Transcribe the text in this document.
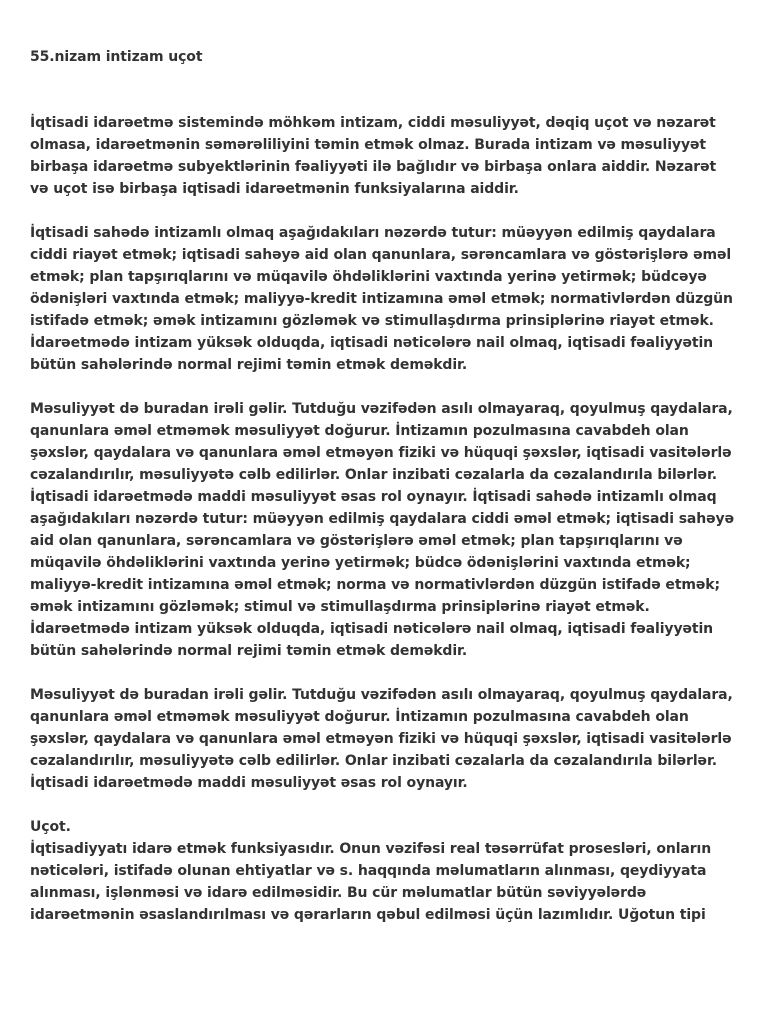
55.nizam intizam uçot

İqtisadi idarəetmə sistemində möhkəm intizam, ciddi məsuliyyət, dəqiq uçot və nəzarət olmasa, idarəetmənin səmərəliliyini təmin etmək olmaz. Burada intizam və məsuliyyət birbaşa idarəetmə subyektlərinin fəaliyyəti ilə bağlıdır və birbaşa onlara aiddir. Nəzarət və uçot isə birbaşa iqtisadi idarəetmənin funksiyalarına aiddir.

İqtisadi sahədə intizamlı olmaq aşağıdakıları nəzərdə tutur: müəyyən edilmiş qaydalara ciddi riayət etmək; iqtisadi sahəyə aid olan qanunlara, sərəncamlara və göstərişlərə əməl etmək; plan tapşırıqlarını və müqavilə öhdəliklərini vaxtında yerinə yetirmək; büdcəyə ödənişləri vaxtında etmək; maliyyə-kredit intizamına əməl etmək; normativlərdən düzgün istifadə etmək; əmək intizamını gözləmək və stimullaşdırma prinsiplərinə riayət etmək. İdarəetmədə intizam yüksək olduqda, iqtisadi nəticələrə nail olmaq, iqtisadi fəaliyyətin bütün sahələrində normal rejimi təmin etmək deməkdir.

Məsuliyyət də buradan irəli gəlir. Tutduğu vəzifədən asılı olmayaraq, qoyulmuş qaydalara, qanunlara əməl etməmək məsuliyyət doğurur. İntizamın pozulmasına cavabdeh olan şəxslər, qaydalara və qanunlara əməl etməyən fiziki və hüquqi şəxslər, iqtisadi vasitələrlə cəzalandırılır, məsuliyyətə cəlb edilirlər. Onlar inzibati cəzalarla da cəzalandırıla bilərlər. İqtisadi idarəetmədə maddi məsuliyyət əsas rol oynayır. İqtisadi sahədə intizamlı olmaq aşağıdakıları nəzərdə tutur: müəyyən edilmiş qaydalara ciddi əməl etmək; iqtisadi sahəyə aid olan qanunlara, sərəncamlara və göstərişlərə əməl etmək; plan tapşırıqlarını və müqavilə öhdəliklərini vaxtında yerinə yetirmək; büdcə ödənişlərini vaxtında etmək; maliyyə-kredit intizamına əməl etmək; norma və normativlərdən düzgün istifadə etmək; əmək intizamını gözləmək; stimul və stimullaşdırma prinsiplərinə riayət etmək. İdarəetmədə intizam yüksək olduqda, iqtisadi nəticələrə nail olmaq, iqtisadi fəaliyyətin bütün sahələrində normal rejimi təmin etmək deməkdir.

Məsuliyyət də buradan irəli gəlir. Tutduğu vəzifədən asılı olmayaraq, qoyulmuş qaydalara, qanunlara əməl etməmək məsuliyyət doğurur. İntizamın pozulmasına cavabdeh olan şəxslər, qaydalara və qanunlara əməl etməyən fiziki və hüquqi şəxslər, iqtisadi vasitələrlə cəzalandırılır, məsuliyyətə cəlb edilirlər. Onlar inzibati cəzalarla da cəzalandırıla bilərlər. İqtisadi idarəetmədə maddi məsuliyyət əsas rol oynayır.

Uçot.
İqtisadiyyatı idarə etmək funksiyasıdır. Onun vəzifəsi real təsərrüfat prosesləri, onların nəticələri, istifadə olunan ehtiyatlar və s. haqqında məlumatların alınması, qeydiyyata alınması, işlənməsi və idarə edilməsidir. Bu cür məlumatlar bütün səviyyələrdə idarəetmənin əsaslandırılması və qərarların qəbul edilməsi üçün lazımlıdır. Uğotun tipi
